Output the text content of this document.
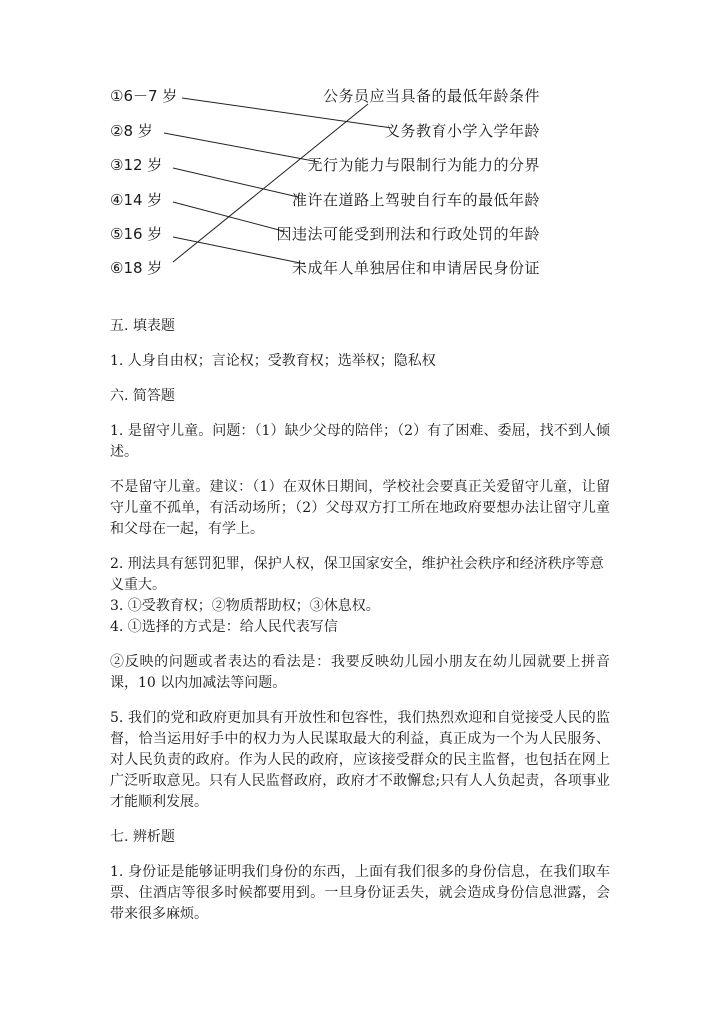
①6－7 岁
②8 岁
③12 岁
④14 岁
⑤16 岁
⑥18 岁
公务员应当具备的最低年龄条件
义务教育小学入学年龄
无行为能力与限制行为能力的分界
准许在道路上驾驶自行车的最低年龄
因违法可能受到刑法和行政处罚的年龄
未成年人单独居住和申请居民身份证

五. 填表题

1. 人身自由权；言论权；受教育权；选举权；隐私权

六. 简答题

1. 是留守儿童。问题：（1）缺少父母的陪伴；（2）有了困难、委屈，找不到人倾述。

不是留守儿童。建议：（1）在双休日期间，学校社会要真正关爱留守儿童，让留守儿童不孤单，有活动场所；（2）父母双方打工所在地政府要想办法让留守儿童和父母在一起，有学上。

2. 刑法具有惩罚犯罪，保护人权，保卫国家安全，维护社会秩序和经济秩序等意义重大。

3. ①受教育权；②物质帮助权；③休息权。

4. ①选择的方式是：给人民代表写信

②反映的问题或者表达的看法是：我要反映幼儿园小朋友在幼儿园就要上拼音课，10 以内加减法等问题。

5. 我们的党和政府更加具有开放性和包容性，我们热烈欢迎和自觉接受人民的监督，恰当运用好手中的权力为人民谋取最大的利益，真正成为一个为人民服务、对人民负责的政府。作为人民的政府，应该接受群众的民主监督，也包括在网上广泛听取意见。只有人民监督政府，政府才不敢懈怠;只有人人负起责，各项事业才能顺利发展。

七. 辨析题

1. 身份证是能够证明我们身份的东西，上面有我们很多的身份信息，在我们取车票、住酒店等很多时候都要用到。一旦身份证丢失，就会造成身份信息泄露，会带来很多麻烦。
